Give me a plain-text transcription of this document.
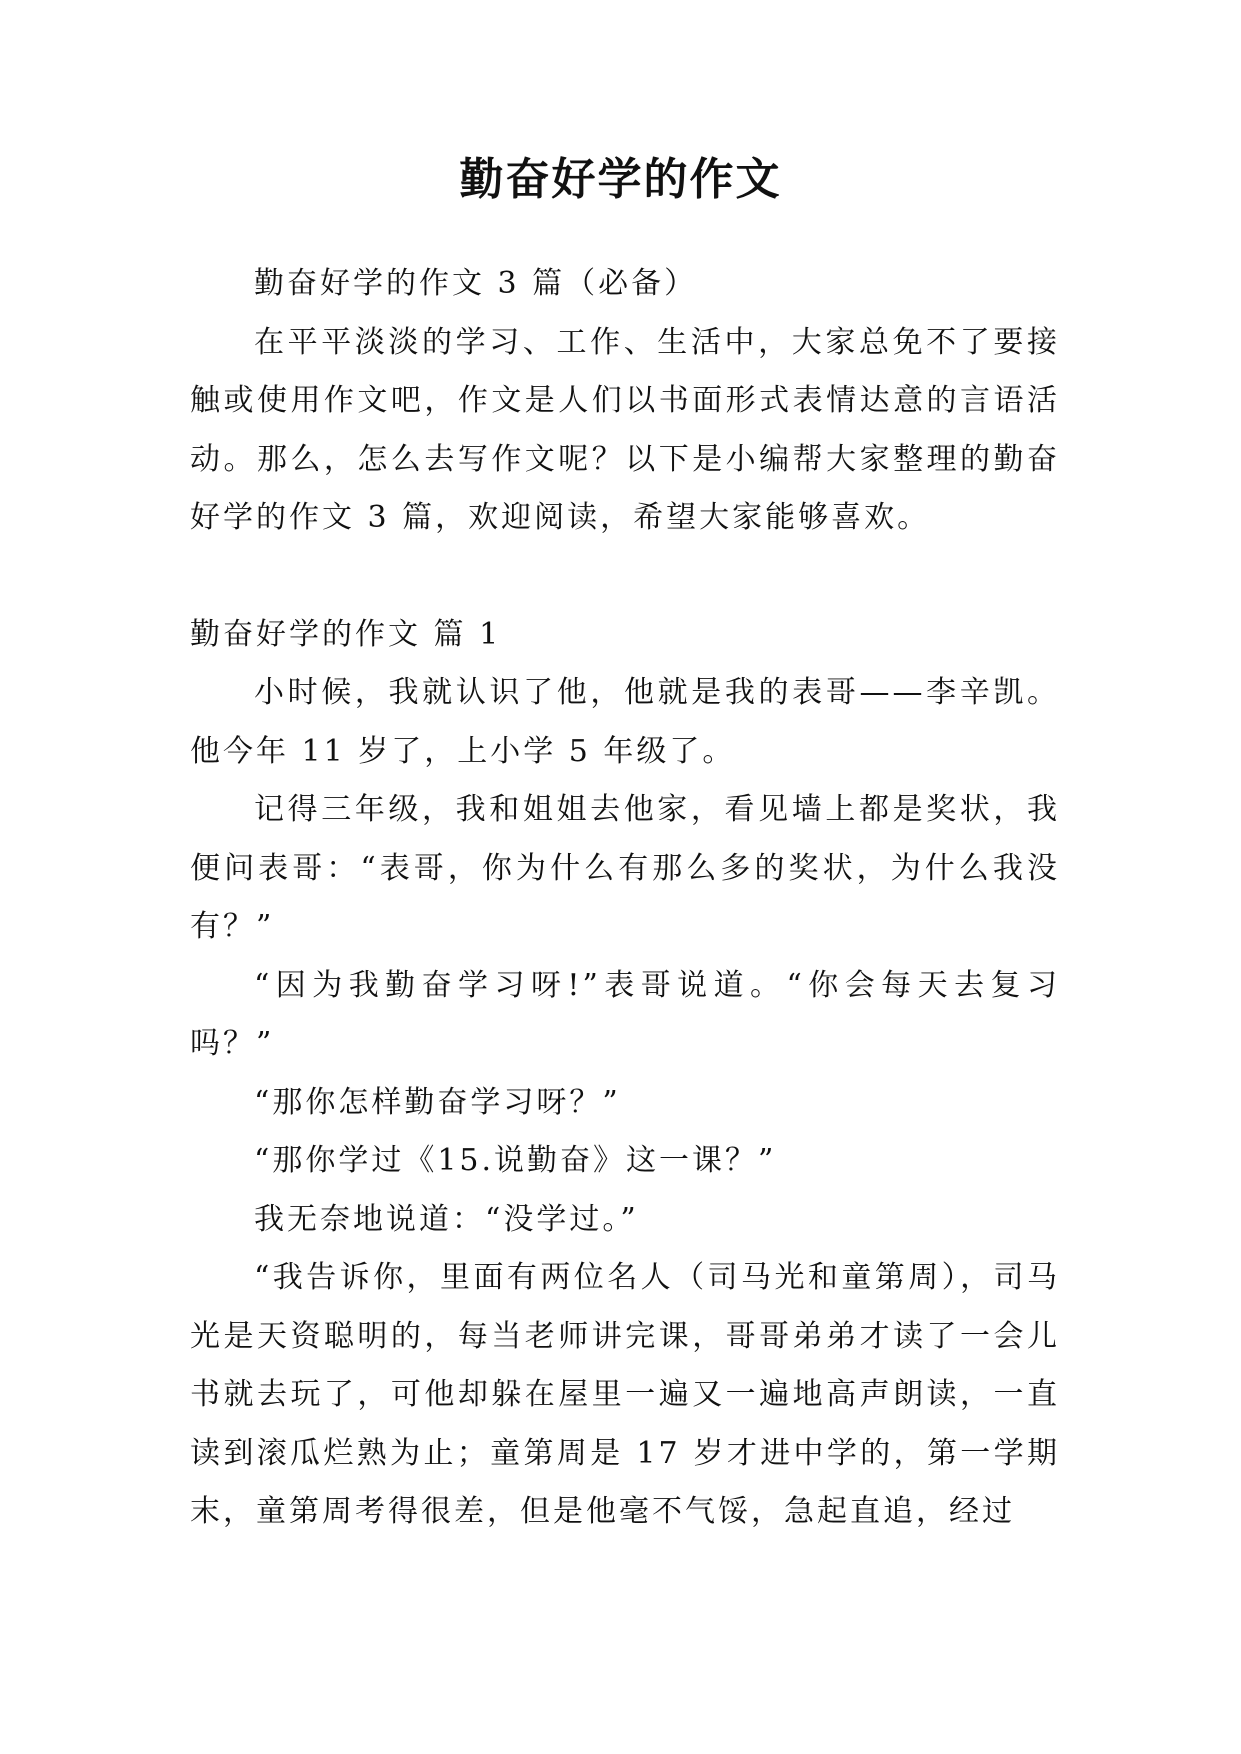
勤奋好学的作文

勤奋好学的作文 3 篇（必备）

在平平淡淡的学习、工作、生活中，大家总免不了要接触或使用作文吧，作文是人们以书面形式表情达意的言语活动。那么，怎么去写作文呢？以下是小编帮大家整理的勤奋好学的作文 3 篇，欢迎阅读，希望大家能够喜欢。

勤奋好学的作文 篇 1

小时候，我就认识了他，他就是我的表哥——李辛凯。他今年 11 岁了，上小学 5 年级了。

记得三年级，我和姐姐去他家，看见墙上都是奖状，我便问表哥：“表哥，你为什么有那么多的奖状，为什么我没有？”

“因为我勤奋学习呀!”表哥说道。“你会每天去复习吗？”

“那你怎样勤奋学习呀？”

“那你学过《15.说勤奋》这一课？”

我无奈地说道：“没学过。”

“我告诉你，里面有两位名人（司马光和童第周），司马光是天资聪明的，每当老师讲完课，哥哥弟弟才读了一会儿书就去玩了，可他却躲在屋里一遍又一遍地高声朗读，一直读到滚瓜烂熟为止；童第周是 17 岁才进中学的，第一学期末，童第周考得很差，但是他毫不气馁，急起直追，经过
